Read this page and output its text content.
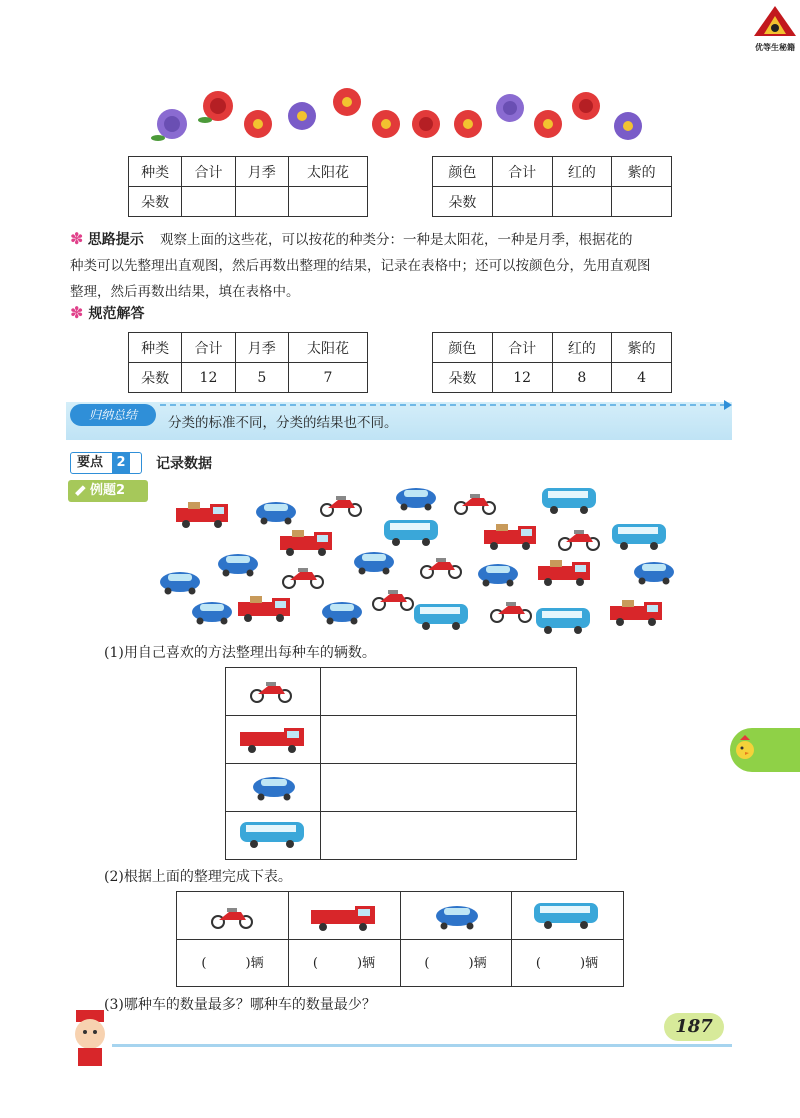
优等生秘籍
种类	合计	月季	太阳花
朵数			
颜色	合计	红的	紫的
朵数			
✽ 思路提示 观察上面的这些花，可以按花的种类分：一种是太阳花，一种是月季，根据花的
种类可以先整理出直观图，然后再数出整理的结果，记录在表格中；还可以按颜色分，先用直观图
整理，然后再数出结果，填在表格中。
✽ 规范解答
种类	合计	月季	太阳花
朵数	12	5	7
颜色	合计	红的	紫的
朵数	12	8	4
归纳总结	分类的标准不同，分类的结果也不同。
要点	2	记录数据
例题2
(1)用自己喜欢的方法整理出每种车的辆数。
(2)根据上面的整理完成下表。
(　　　)辆	(　　　)辆	(　　　)辆	(　　　)辆
(3)哪种车的数量最多？哪种车的数量最少？
187
